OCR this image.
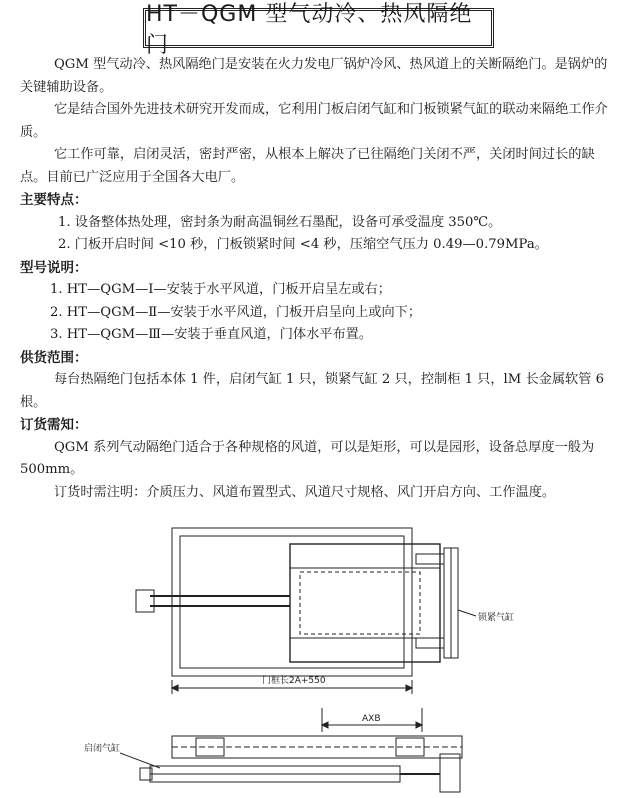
HT－QGM 型气动冷、热风隔绝门

QGM 型气动冷、热风隔绝门是安装在火力发电厂锅炉冷风、热风道上的关断隔绝门。是锅炉的关键辅助设备。

它是结合国外先进技术研究开发而成，它利用门板启闭气缸和门板锁紧气缸的联动来隔绝工作介质。

它工作可靠，启闭灵活，密封严密，从根本上解决了已往隔绝门关闭不严，关闭时间过长的缺点。目前已广泛应用于全国各大电厂。

主要特点：

1. 设备整体热处理，密封条为耐高温铜丝石墨配，设备可承受温度 350℃。

2. 门板开启时间 <10 秒，门板锁紧时间 <4 秒，压缩空气压力 0.49—0.79MPa。

型号说明：

1. HT—QGM—Ⅰ—安装于水平风道，门板开启呈左或右；

2. HT—QGM—Ⅱ—安装于水平风道，门板开启呈向上或向下；

3. HT—QGM—Ⅲ—安装于垂直风道，门体水平布置。

供货范围：

每台热隔绝门包括本体 1 件，启闭气缸 1 只，锁紧气缸 2 只，控制柜 1 只，lM 长金属软管 6 根。

订货需知：

QGM 系列气动隔绝门适合于各种规格的风道，可以是矩形，可以是园形，设备总厚度一般为 500mm。

订货时需注明：介质压力、风道布置型式、风道尺寸规格、风门开启方向、工作温度。

锁紧气缸
门框长2A+550
AXB
启闭气缸
